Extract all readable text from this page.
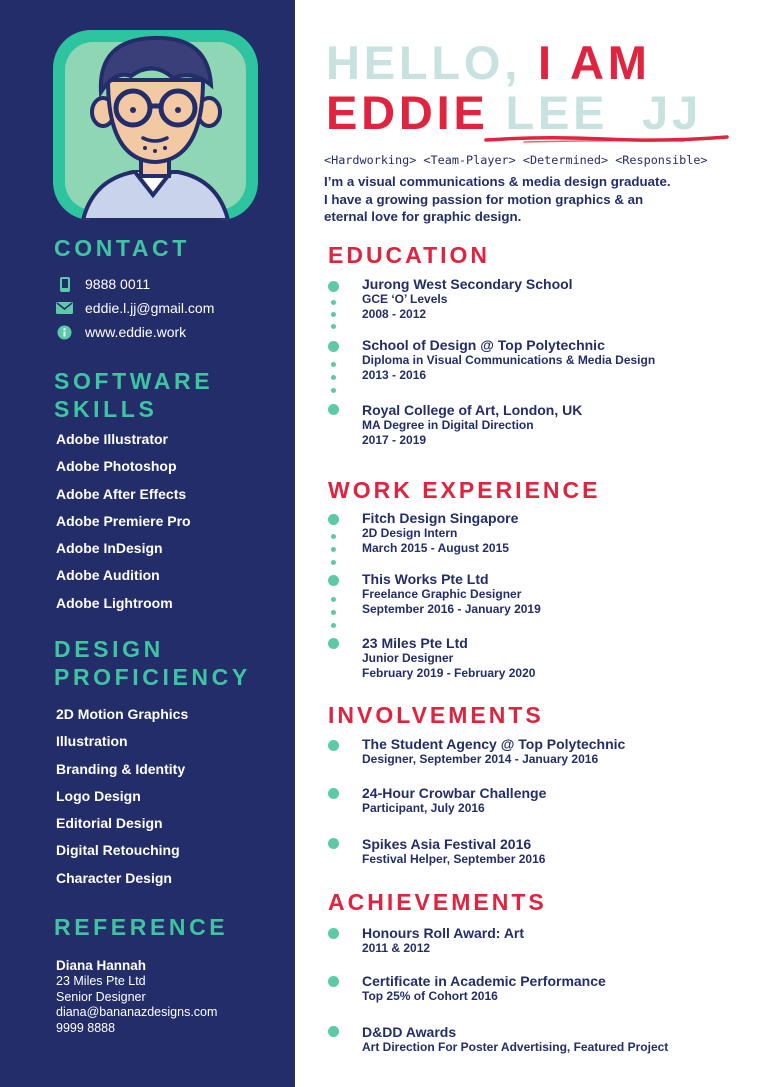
CONTACT
9888 0011
eddie.l.jj@gmail.com
www.eddie.work
SOFTWARE
SKILLS
Adobe Illustrator
Adobe Photoshop
Adobe After Effects
Adobe Premiere Pro
Adobe InDesign
Adobe Audition
Adobe Lightroom
DESIGN
PROFICIENCY
2D Motion Graphics
Illustration
Branding & Identity
Logo Design
Editorial Design
Digital Retouching
Character Design
REFERENCE
Diana Hannah
23 Miles Pte Ltd
Senior Designer
diana@bananazdesigns.com
9999 8888
HELLO, I AM
EDDIE LEE  JJ
<Hardworking> <Team-Player> <Determined> <Responsible>
I’m a visual communications & media design graduate.
I have a growing passion for motion graphics & an
eternal love for graphic design.
EDUCATION
Jurong West Secondary School
GCE ‘O’ Levels
2008 - 2012
School of Design @ Top Polytechnic
Diploma in Visual Communications & Media Design
2013 - 2016
Royal College of Art, London, UK
MA Degree in Digital Direction
2017 - 2019
WORK EXPERIENCE
Fitch Design Singapore
2D Design Intern
March 2015 - August 2015
This Works Pte Ltd
Freelance Graphic Designer
September 2016 - January 2019
23 Miles Pte Ltd
Junior Designer
February 2019 - February 2020
INVOLVEMENTS
The Student Agency @ Top Polytechnic
Designer, September 2014 - January 2016
24-Hour Crowbar Challenge
Participant, July 2016
Spikes Asia Festival 2016
Festival Helper, September 2016
ACHIEVEMENTS
Honours Roll Award: Art
2011 & 2012
Certificate in Academic Performance
Top 25% of Cohort 2016
D&DD Awards
Art Direction For Poster Advertising, Featured Project
